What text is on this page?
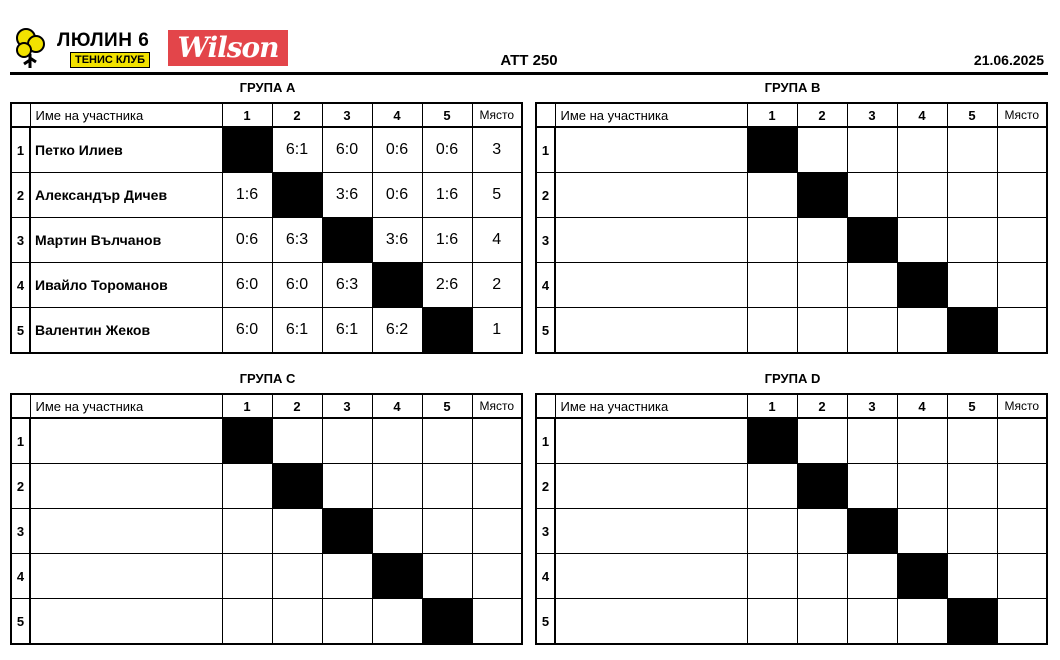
ЛЮЛИН 6
ТЕНИС КЛУБ	Wilson	ATT 250	21.06.2025
ГРУПА A
	Име на участника	1	2	3	4	5	Място
1	Петко Илиев		6:1	6:0	0:6	0:6	3
2	Александър Дичев	1:6		3:6	0:6	1:6	5
3	Мартин Вълчанов	0:6	6:3		3:6	1:6	4
4	Ивайло Тороманов	6:0	6:0	6:3		2:6	2
5	Валентин Жеков	6:0	6:1	6:1	6:2		1
ГРУПА B
	Име на участника	1	2	3	4	5	Място
1							
2							
3							
4							
5							
ГРУПА C
	Име на участника	1	2	3	4	5	Място
1							
2							
3							
4							
5							
ГРУПА D
	Име на участника	1	2	3	4	5	Място
1							
2							
3							
4							
5							
